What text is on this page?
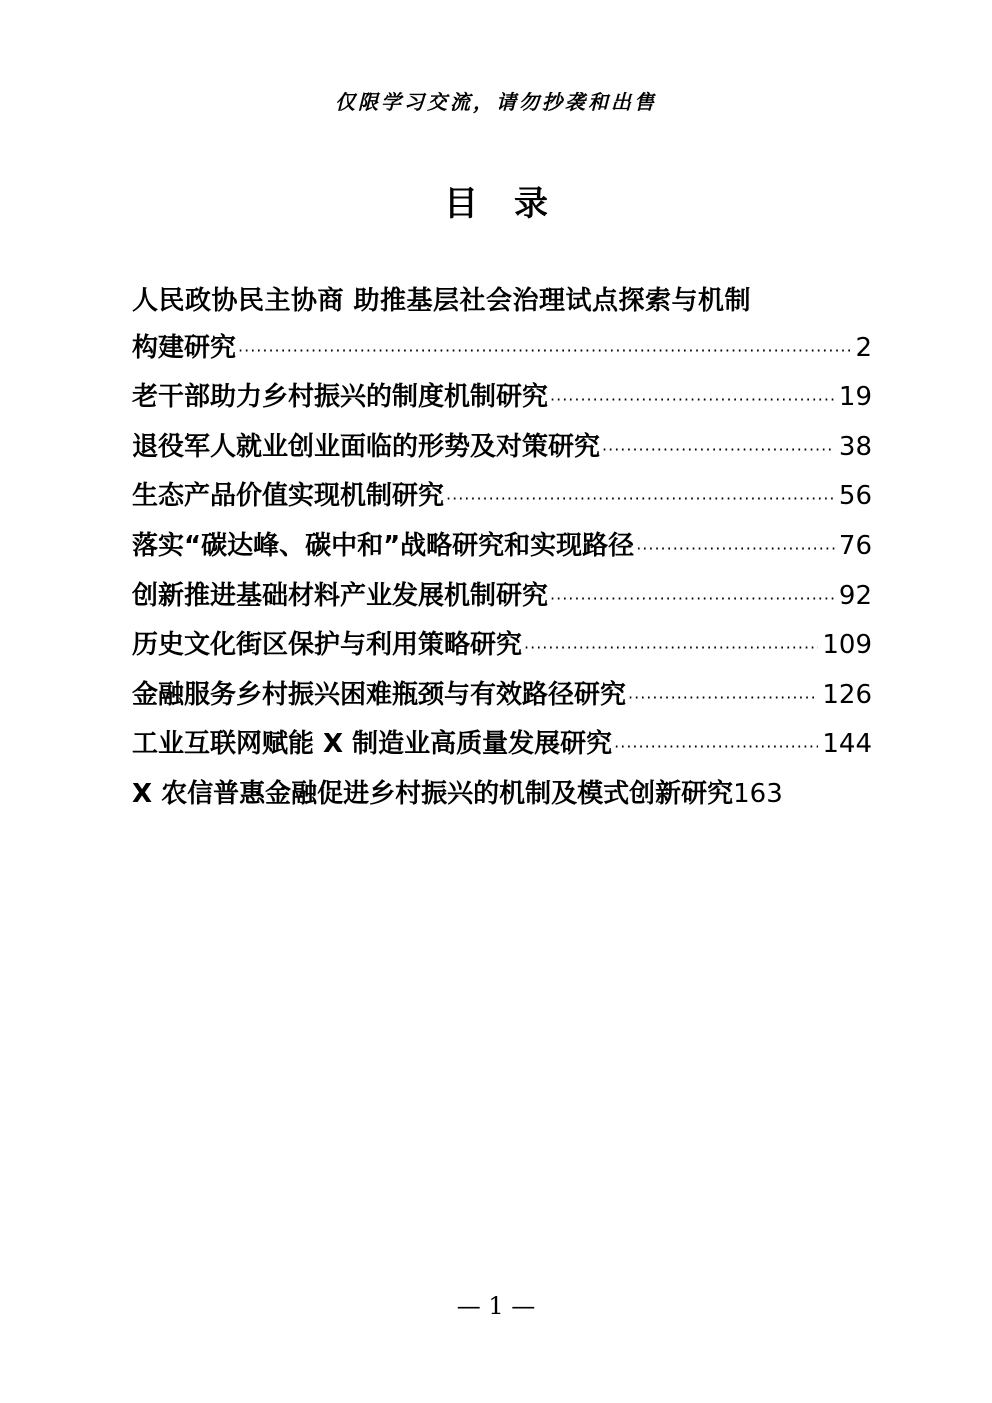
仅限学习交流，请勿抄袭和出售
目录
人民政协民主协商 助推基层社会治理试点探索与机制
构建研究 ·····	2
老干部助力乡村振兴的制度机制研究 ·····	19
退役军人就业创业面临的形势及对策研究 ·····	38
生态产品价值实现机制研究 ·····	56
落实“碳达峰、碳中和”战略研究和实现路径 ·····	76
创新推进基础材料产业发展机制研究 ·····	92
历史文化街区保护与利用策略研究 ·····	109
金融服务乡村振兴困难瓶颈与有效路径研究 ·····	126
工业互联网赋能 X 制造业高质量发展研究 ·····	144
X 农信普惠金融促进乡村振兴的机制及模式创新研究 163
— 1 —
